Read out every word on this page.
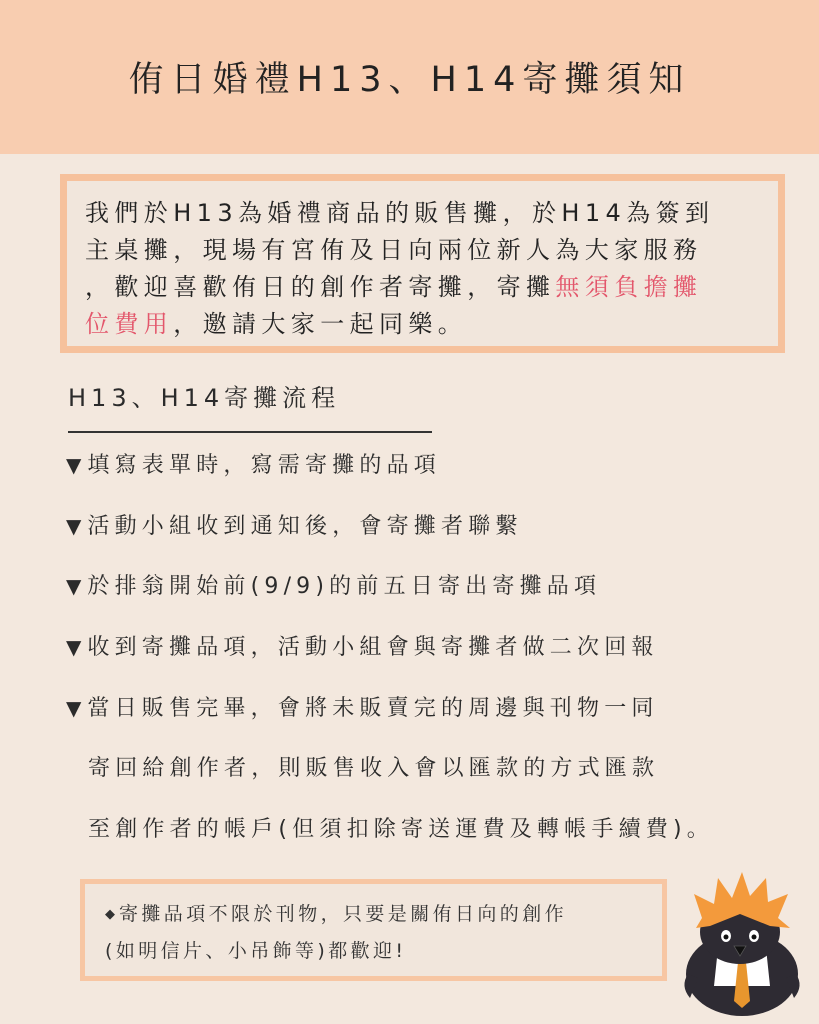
侑日婚禮H13、H14寄攤須知
我們於H13為婚禮商品的販售攤，於H14為簽到
主桌攤，現場有宮侑及日向兩位新人為大家服務
，歡迎喜歡侑日的創作者寄攤，寄攤無須負擔攤
位費用，邀請大家一起同樂。
H13、H14寄攤流程
▼ 填寫表單時，寫需寄攤的品項
▼ 活動小組收到通知後，會寄攤者聯繫
▼ 於排翁開始前(9/9)的前五日寄出寄攤品項
▼ 收到寄攤品項，活動小組會與寄攤者做二次回報
▼ 當日販售完畢，會將未販賣完的周邊與刊物一同
寄回給創作者，則販售收入會以匯款的方式匯款
至創作者的帳戶(但須扣除寄送運費及轉帳手續費)。
◆ 寄攤品項不限於刊物，只要是關侑日向的創作
(如明信片、小吊飾等)都歡迎!
